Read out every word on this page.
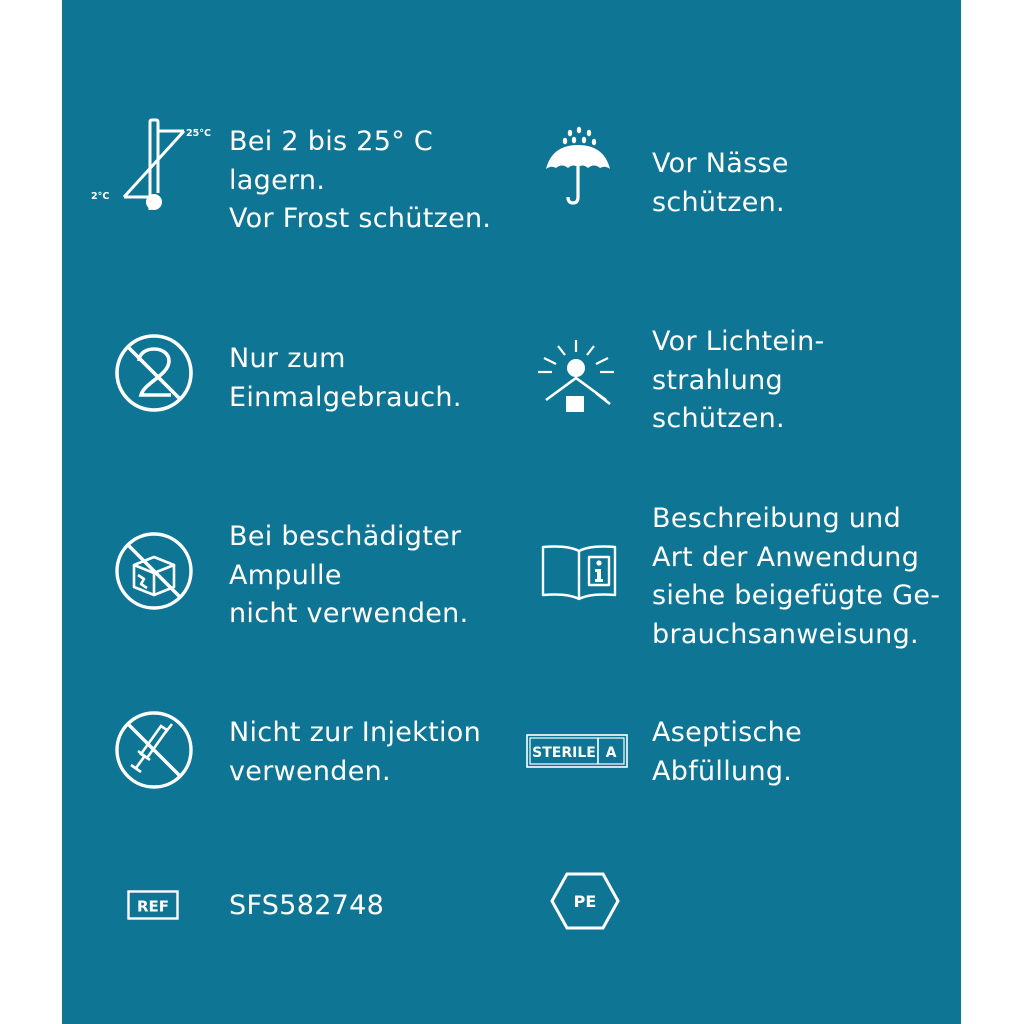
25°C
2°C
Bei 2 bis 25° C
lagern.
Vor Frost schützen.
Vor Nässe
schützen.
Nur zum
Einmalgebrauch.
Vor Lichtein-
strahlung
schützen.
Bei beschädigter
Ampulle
nicht verwenden.
Beschreibung und
Art der Anwendung
siehe beigefügte Ge-
brauchsanweisung.
Nicht zur Injektion
verwenden.
STERILE A
Aseptische
Abfüllung.
REF SFS582748	PE
